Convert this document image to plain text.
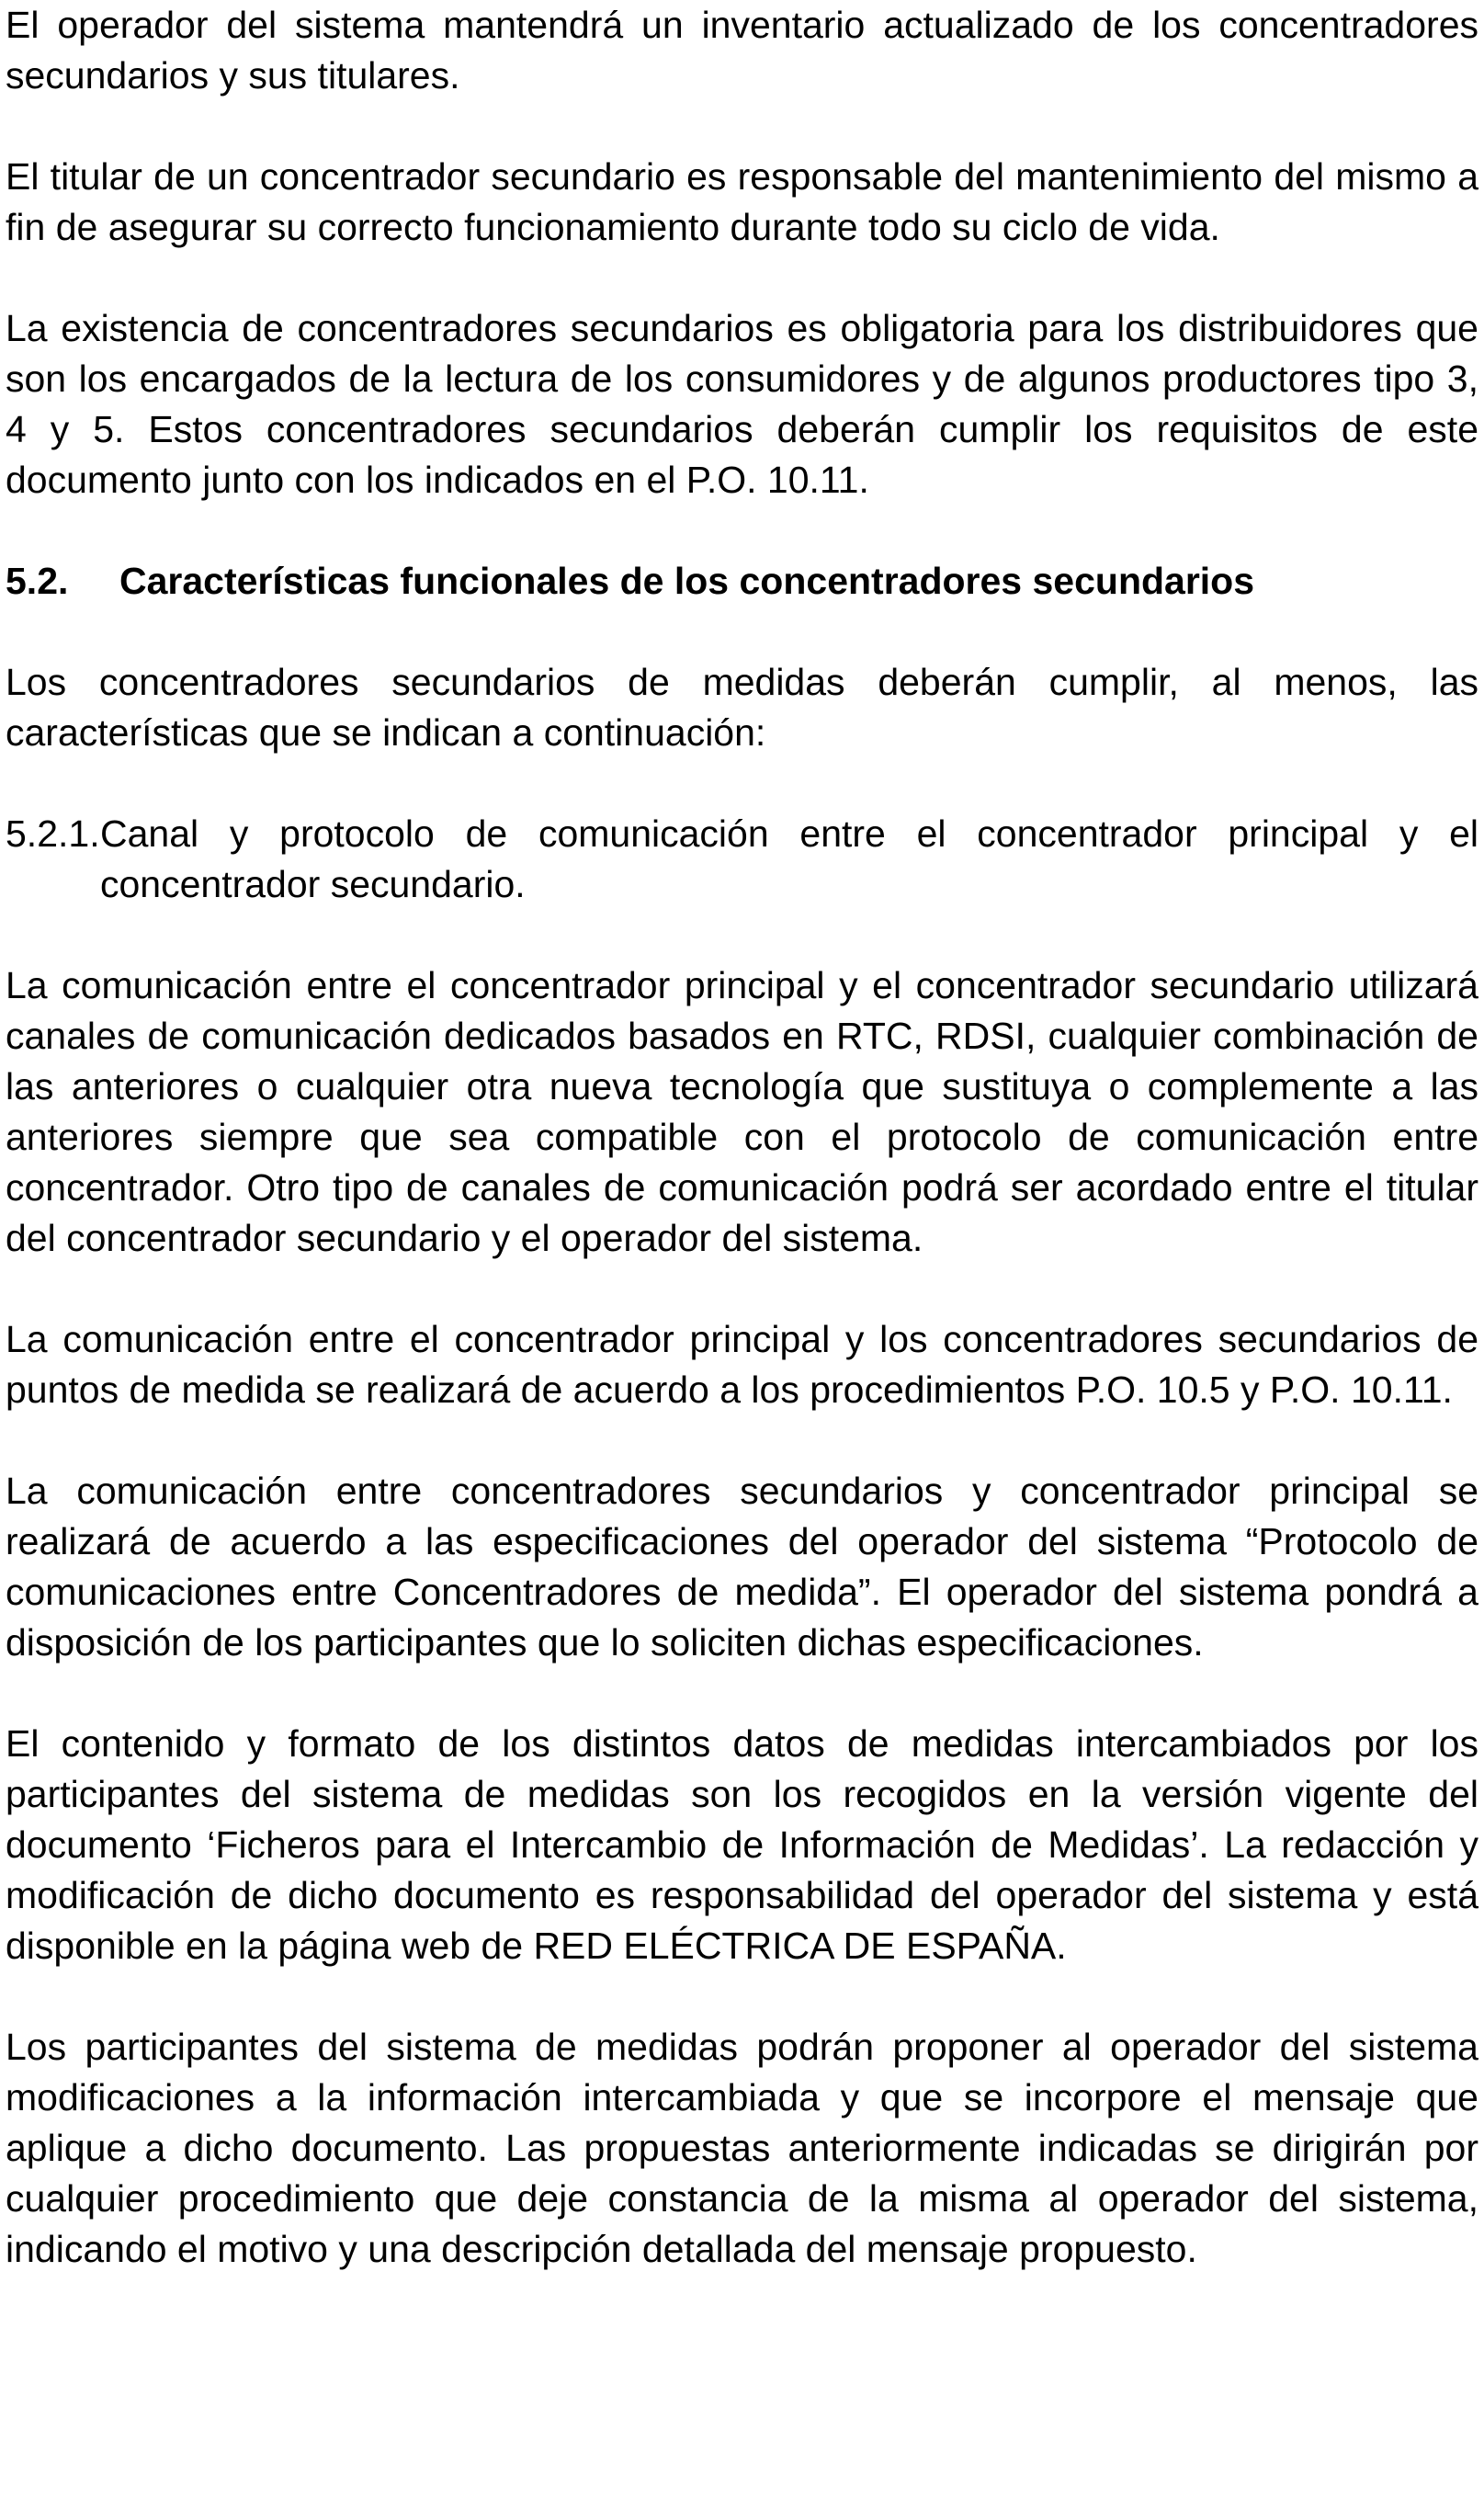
El operador del sistema mantendrá un inventario actualizado de los concentradores secundarios y sus titulares.

El titular de un concentrador secundario es responsable del mantenimiento del mismo a fin de asegurar su correcto funcionamiento durante todo su ciclo de vida.

La existencia de concentradores secundarios es obligatoria para los distribuidores que son los encargados de la lectura de los consumidores y de algunos productores tipo 3, 4 y 5. Estos concentradores secundarios deberán cumplir los requisitos de este documento junto con los indicados en el P.O. 10.11.

5.2.	Características funcionales de los concentradores secundarios

Los concentradores secundarios de medidas deberán cumplir, al menos, las características que se indican a continuación:

5.2.1. Canal y protocolo de comunicación entre el concentrador principal y el concentrador secundario.

La comunicación entre el concentrador principal y el concentrador secundario utilizará canales de comunicación dedicados basados en RTC, RDSI, cualquier combinación de las anteriores o cualquier otra nueva tecnología que sustituya o complemente a las anteriores siempre que sea compatible con el protocolo de comunicación entre concentrador. Otro tipo de canales de comunicación podrá ser acordado entre el titular del concentrador secundario y el operador del sistema.

La comunicación entre el concentrador principal y los concentradores secundarios de puntos de medida se realizará de acuerdo a los procedimientos P.O. 10.5 y P.O. 10.11.

La comunicación entre concentradores secundarios y concentrador principal se realizará de acuerdo a las especificaciones del operador del sistema “Protocolo de comunicaciones entre Concentradores de medida”. El operador del sistema pondrá a disposición de los participantes que lo soliciten dichas especificaciones.

El contenido y formato de los distintos datos de medidas intercambiados por los participantes del sistema de medidas son los recogidos en la versión vigente del documento ‘Ficheros para el Intercambio de Información de Medidas’. La redacción y modificación de dicho documento es responsabilidad del operador del sistema y está disponible en la página web de RED ELÉCTRICA DE ESPAÑA.

Los participantes del sistema de medidas podrán proponer al operador del sistema modificaciones a la información intercambiada y que se incorpore el mensaje que aplique a dicho documento. Las propuestas anteriormente indicadas se dirigirán por cualquier procedimiento que deje constancia de la misma al operador del sistema, indicando el motivo y una descripción detallada del mensaje propuesto.
